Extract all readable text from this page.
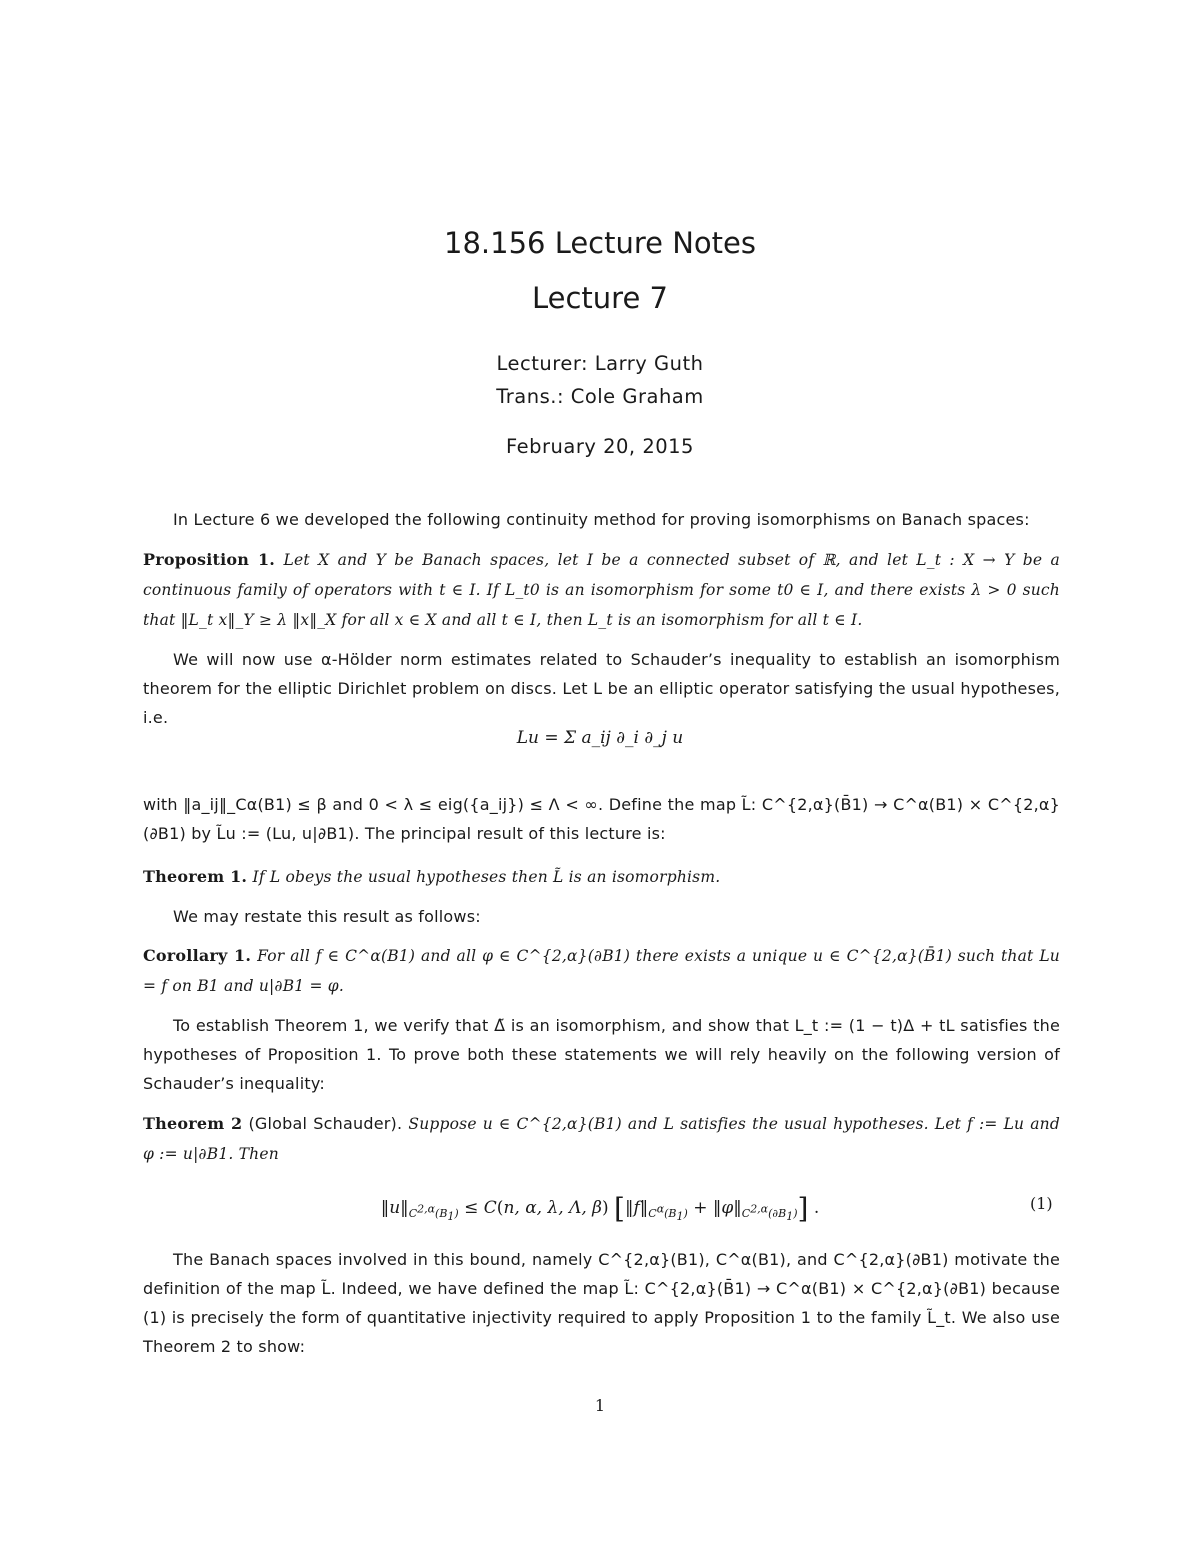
18.156 Lecture Notes
Lecture 7
Lecturer: Larry Guth
Trans.: Cole Graham
February 20, 2015
In Lecture 6 we developed the following continuity method for proving isomorphisms on Banach spaces:
Proposition 1. Let X and Y be Banach spaces, let I be a connected subset of ℝ, and let L_t : X → Y be a continuous family of operators with t ∈ I. If L_t0 is an isomorphism for some t0 ∈ I, and there exists λ > 0 such that ‖L_t x‖_Y ≥ λ ‖x‖_X for all x ∈ X and all t ∈ I, then L_t is an isomorphism for all t ∈ I.
We will now use α-Hölder norm estimates related to Schauder’s inequality to establish an isomorphism theorem for the elliptic Dirichlet problem on discs. Let L be an elliptic operator satisfying the usual hypotheses, i.e.
Lu = Σ a_ij ∂_i ∂_j u
with ‖a_ij‖_Cα(B1) ≤ β and 0 < λ ≤ eig({a_ij}) ≤ Λ < ∞. Define the map L̃: C^{2,α}(B̄1) → C^α(B1) × C^{2,α}(∂B1) by L̃u := (Lu, u|∂B1). The principal result of this lecture is:
Theorem 1. If L obeys the usual hypotheses then L̃ is an isomorphism.
We may restate this result as follows:
Corollary 1. For all f ∈ C^α(B1) and all φ ∈ C^{2,α}(∂B1) there exists a unique u ∈ C^{2,α}(B̄1) such that Lu = f on B1 and u|∂B1 = φ.
To establish Theorem 1, we verify that Δ̃ is an isomorphism, and show that L_t := (1 − t)Δ + tL satisfies the hypotheses of Proposition 1. To prove both these statements we will rely heavily on the following version of Schauder’s inequality:
Theorem 2 (Global Schauder). Suppose u ∈ C^{2,α}(B1) and L satisfies the usual hypotheses. Let f := Lu and φ := u|∂B1. Then
$‖u‖_{C^{2,\alpha}(B_1)} \le C(n$, α, λ, Λ, β) [$‖f‖_{C^\alpha(B_1)}$ + $‖\varphi‖_{C^{2,\alpha}(\partial B_1)}$] .	(1)
The Banach spaces involved in this bound, namely C^{2,α}(B1), C^α(B1), and C^{2,α}(∂B1) motivate the definition of the map L̃. Indeed, we have defined the map L̃: C^{2,α}(B̄1) → C^α(B1) × C^{2,α}(∂B1) because (1) is precisely the form of quantitative injectivity required to apply Proposition 1 to the family L̃_t. We also use Theorem 2 to show:
1
